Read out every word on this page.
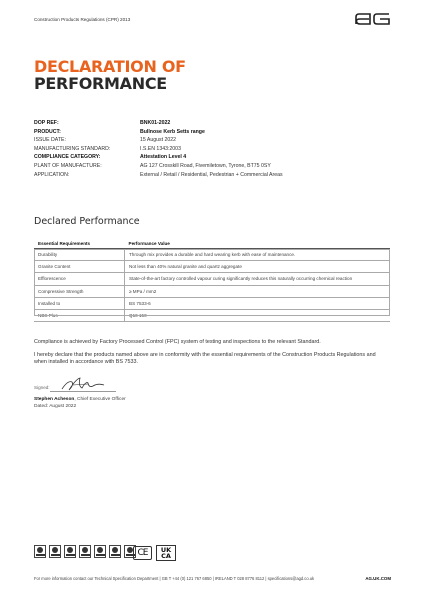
Construction Products Regulations (CPR) 2013
DECLARATION OF
PERFORMANCE
DOP REF:	BNK01-2022
PRODUCT:	Bullnose Kerb Setts range
ISSUE DATE:	15 August 2022
MANUFACTURING STANDARD:	I.S.EN 1343:2003
COMPLIANCE CATEGORY:	Attestation Level 4
PLANT OF MANUFACTURE:	AG 127 Crosskill Road, Fivemiletown, Tyrone, BT75 0SY
APPLICATION:	External / Retail / Residential, Pedestrian + Commercial Areas
Declared Performance
Essential Requirements	Performance Value
Durability	Through mix provides a durable and hard wearing kerb with ease of maintenance.
Granite Content	Not less than 40% natural granite and quartz aggregate
Efflorescence	State-of-the-art factory controlled vapour curing significantly reduces this naturally occurring chemical reaction
Compressive Strength	≥ MPa / mm2
Installed to	BS 7533-6
NBS Plus	Q10 150
Compliance is achieved by Factory Processed Control (FPC) system of testing and inspections to the relevant Standard.
I hereby declare that the products named above are in conformity with the essential requirements of the Construction Products Regulations and when installed in accordance with BS 7533.
Signed:
Stephen Acheson, Chief Executive Officer
Dated: August 2022
CE	UK
CA
For more information contact our Technical Specification Department | GB T +44 (0) 121 767 6850 | IRELAND T 028 8776 8112 | specifications@agd.co.uk	AG.UK.COM
